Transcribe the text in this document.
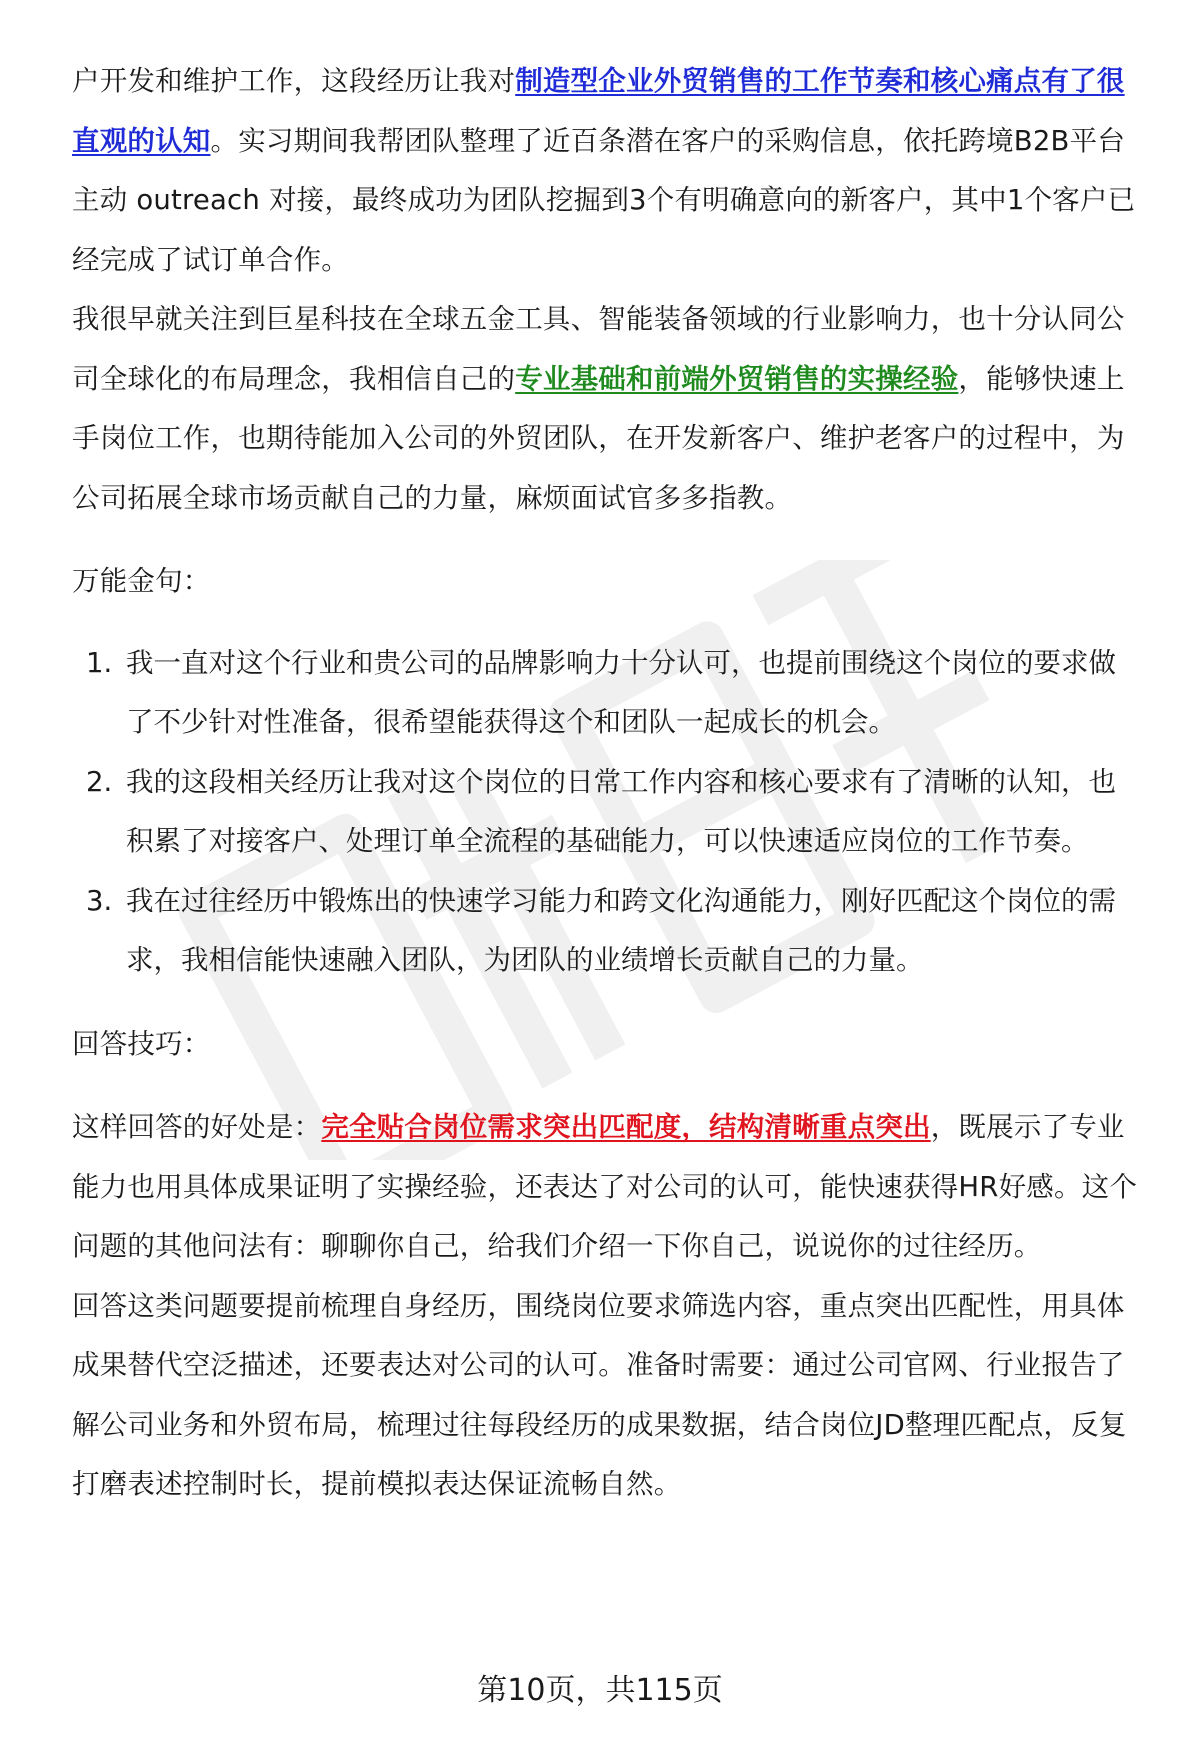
户开发和维护工作，这段经历让我对制造型企业外贸销售的工作节奏和核心痛点有了很直观的认知。实习期间我帮团队整理了近百条潜在客户的采购信息，依托跨境B2B平台主动 outreach 对接，最终成功为团队挖掘到3个有明确意向的新客户，其中1个客户已经完成了试订单合作。

我很早就关注到巨星科技在全球五金工具、智能装备领域的行业影响力，也十分认同公司全球化的布局理念，我相信自己的专业基础和前端外贸销售的实操经验，能够快速上手岗位工作，也期待能加入公司的外贸团队，在开发新客户、维护老客户的过程中，为公司拓展全球市场贡献自己的力量，麻烦面试官多多指教。

万能金句：

1. 我一直对这个行业和贵公司的品牌影响力十分认可，也提前围绕这个岗位的要求做了不少针对性准备，很希望能获得这个和团队一起成长的机会。
2. 我的这段相关经历让我对这个岗位的日常工作内容和核心要求有了清晰的认知，也积累了对接客户、处理订单全流程的基础能力，可以快速适应岗位的工作节奏。
3. 我在过往经历中锻炼出的快速学习能力和跨文化沟通能力，刚好匹配这个岗位的需求，我相信能快速融入团队，为团队的业绩增长贡献自己的力量。

回答技巧：

这样回答的好处是：完全贴合岗位需求突出匹配度，结构清晰重点突出，既展示了专业能力也用具体成果证明了实操经验，还表达了对公司的认可，能快速获得HR好感。这个问题的其他问法有：聊聊你自己，给我们介绍一下你自己，说说你的过往经历。

回答这类问题要提前梳理自身经历，围绕岗位要求筛选内容，重点突出匹配性，用具体成果替代空泛描述，还要表达对公司的认可。准备时需要：通过公司官网、行业报告了解公司业务和外贸布局，梳理过往每段经历的成果数据，结合岗位JD整理匹配点，反复打磨表述控制时长，提前模拟表达保证流畅自然。

第10页，共115页
